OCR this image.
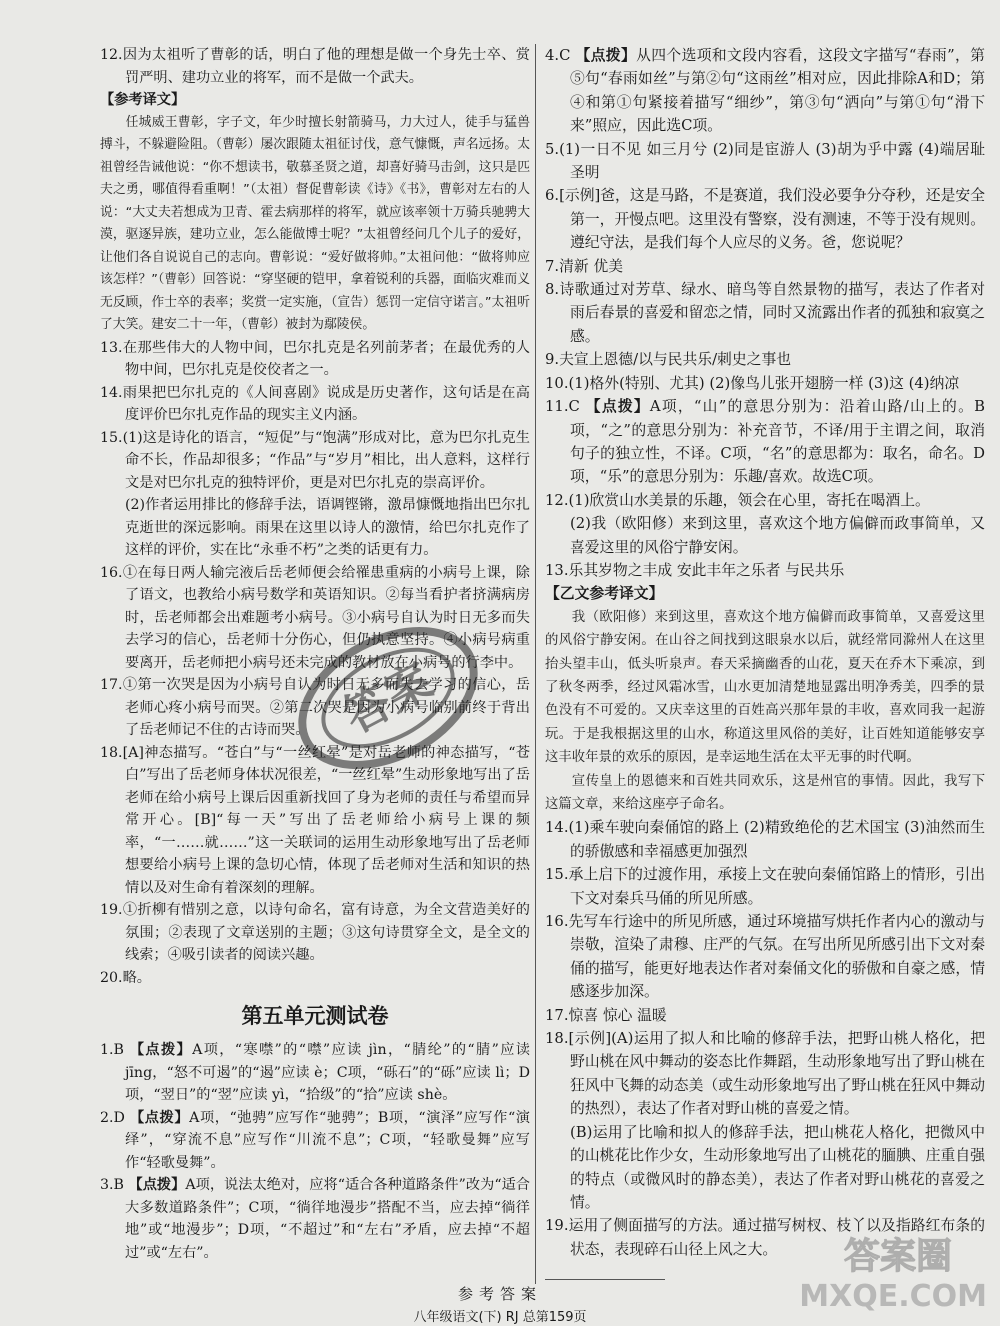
12.因为太祖听了曹彰的话，明白了他的理想是做一个身先士卒、赏罚严明、建功立业的将军，而不是做一个武夫。

【参考译文】

任城威王曹彰，字子文，年少时擅长射箭骑马，力大过人，徒手与猛兽搏斗，不躲避险阻。（曹彰）屡次跟随太祖征讨伐，意气慷慨，声名远扬。太祖曾经告诫他说：“你不想读书，敬慕圣贤之道，却喜好骑马击剑，这只是匹夫之勇，哪值得看重啊！”（太祖）督促曹彰读《诗》《书》，曹彰对左右的人说：“大丈夫若想成为卫青、霍去病那样的将军，就应该率领十万骑兵驰骋大漠，驱逐异族，建功立业，怎么能做博士呢？”太祖曾经问几个儿子的爱好，让他们各自说说自己的志向。曹彰说：“爱好做将帅。”太祖问他：“做将帅应该怎样？”（曹彰）回答说：“穿坚硬的铠甲，拿着锐利的兵器，面临灾难而义无反顾，作士卒的表率；奖赏一定实施，（宣告）惩罚一定信守诺言。”太祖听了大笑。建安二十一年，（曹彰）被封为鄢陵侯。

13.在那些伟大的人物中间，巴尔扎克是名列前茅者；在最优秀的人物中间，巴尔扎克是佼佼者之一。

14.雨果把巴尔扎克的《人间喜剧》说成是历史著作，这句话是在高度评价巴尔扎克作品的现实主义内涵。

15.(1)这是诗化的语言，“短促”与“饱满”形成对比，意为巴尔扎克生命不长，作品却很多；“作品”与“岁月”相比，出人意料，这样行文是对巴尔扎克的独特评价，更是对巴尔扎克的崇高评价。

(2)作者运用排比的修辞手法，语调铿锵，激昂慷慨地指出巴尔扎克逝世的深远影响。雨果在这里以诗人的激情，给巴尔扎克作了这样的评价，实在比“永垂不朽”之类的话更有力。

16.①在每日两人输完液后岳老师便会给罹患重病的小病号上课，除了语文，也教给小病号数学和英语知识。②每当看护者挤满病房时，岳老师都会出难题考小病号。③小病号自认为时日无多而失去学习的信心，岳老师十分伤心，但仍执意坚持。④小病号病重要离开，岳老师把小病号还未完成的教材放在小病号的行李中。

17.①第一次哭是因为小病号自认为时日无多而失去学习的信心，岳老师心疼小病号而哭。②第二次哭是因为小病号临别前终于背出了岳老师记不住的古诗而哭。

18.[A]神态描写。“苍白”与“一丝红晕”是对岳老师的神态描写，“苍白”写出了岳老师身体状况很差，“一丝红晕”生动形象地写出了岳老师在给小病号上课后因重新找回了身为老师的责任与希望而异常开心。[B]“每一天”写出了岳老师给小病号上课的频率，“一……就……”这一关联词的运用生动形象地写出了岳老师想要给小病号上课的急切心情，体现了岳老师对生活和知识的热情以及对生命有着深刻的理解。

19.①折柳有惜别之意，以诗句命名，富有诗意，为全文营造美好的氛围；②表现了文章送别的主题；③这句诗贯穿全文，是全文的线索；④吸引读者的阅读兴趣。

20.略。

第五单元测试卷

1.B 【点拨】A项，“寒噤”的“噤”应读 jìn，“腈纶”的“腈”应读 jīng，“怒不可遏”的“遏”应读 è；C项，“砾石”的“砾”应读 lì；D项，“翌日”的“翌”应读 yì，“拾级”的“拾”应读 shè。

2.D 【点拨】A项，“弛骋”应写作“驰骋”；B项，“演泽”应写作“演绎”，“穿流不息”应写作“川流不息”；C项，“轻歌曼舞”应写作“轻歌曼舞”。

3.B 【点拨】A项，说法太绝对，应将“适合各种道路条件”改为“适合大多数道路条件”；C项，“徜徉地漫步”搭配不当，应去掉“徜徉地”或“地漫步”；D项，“不超过”和“左右”矛盾，应去掉“不超过”或“左右”。

4.C 【点拨】从四个选项和文段内容看，这段文字描写“春雨”，第⑤句“春雨如丝”与第②句“这雨丝”相对应，因此排除A和D；第④和第①句紧接着描写“细纱”，第③句“洒向”与第①句“滑下来”照应，因此选C项。

5.(1)一日不见 如三月兮 (2)同是宦游人 (3)胡为乎中露 (4)端居耻圣明

6.[示例]爸，这是马路，不是赛道，我们没必要争分夺秒，还是安全第一，开慢点吧。这里没有警察，没有测速，不等于没有规则。遵纪守法，是我们每个人应尽的义务。爸，您说呢？

7.清新 优美

8.诗歌通过对芳草、绿水、暗鸟等自然景物的描写，表达了作者对雨后春景的喜爱和留恋之情，同时又流露出作者的孤独和寂寞之感。

9.夫宣上恩德/以与民共乐/刺史之事也

10.(1)格外(特别、尤其) (2)像鸟儿张开翅膀一样 (3)这 (4)纳凉

11.C 【点拨】A项，“山”的意思分别为：沿着山路/山上的。B项，“之”的意思分别为：补充音节，不译/用于主谓之间，取消句子的独立性，不译。C项，“名”的意思都为：取名，命名。D项，“乐”的意思分别为：乐趣/喜欢。故选C项。

12.(1)欣赏山水美景的乐趣，领会在心里，寄托在喝酒上。

(2)我（欧阳修）来到这里，喜欢这个地方偏僻而政事简单，又喜爱这里的风俗宁静安闲。

13.乐其岁物之丰成 安此丰年之乐者 与民共乐

【乙文参考译文】

我（欧阳修）来到这里，喜欢这个地方偏僻而政事简单，又喜爱这里的风俗宁静安闲。在山谷之间找到这眼泉水以后，就经常同滁州人在这里抬头望丰山，低头听泉声。春天采摘幽香的山花，夏天在乔木下乘凉，到了秋冬两季，经过风霜冰雪，山水更加清楚地显露出明净秀美，四季的景色没有不可爱的。又庆幸这里的百姓高兴那年景的丰收，喜欢同我一起游玩。于是我根据这里的山水，称道这里风俗的美好，让百姓知道能够安享这丰收年景的欢乐的原因，是幸运地生活在太平无事的时代啊。

宣传皇上的恩德来和百姓共同欢乐，这是州官的事情。因此，我写下这篇文章，来给这座亭子命名。

14.(1)乘车驶向秦俑馆的路上 (2)精致绝伦的艺术国宝 (3)油然而生的骄傲感和幸福感更加强烈

15.承上启下的过渡作用，承接上文在驶向秦俑馆路上的情形，引出下文对秦兵马俑的所见所感。

16.先写车行途中的所见所感，通过环境描写烘托作者内心的激动与崇敬，渲染了肃穆、庄严的气氛。在写出所见所感引出下文对秦俑的描写，能更好地表达作者对秦俑文化的骄傲和自豪之感，情感逐步加深。

17.惊喜 惊心 温暖

18.[示例](A)运用了拟人和比喻的修辞手法，把野山桃人格化，把野山桃在风中舞动的姿态比作舞蹈，生动形象地写出了野山桃在狂风中飞舞的动态美（或生动形象地写出了野山桃在狂风中舞动的热烈），表达了作者对野山桃的喜爱之情。

(B)运用了比喻和拟人的修辞手法，把山桃花人格化，把微风中的山桃花比作少女，生动形象地写出了山桃花的腼腆、庄重自强的特点（或微风时的静态美），表达了作者对野山桃花的喜爱之情。

19.运用了侧面描写的方法。通过描写树杈、枝丫以及指路红布条的状态，表现碎石山径上风之大。

答案
答案圈
MXQE.COM
参考答案
八年级语文(下) RJ 总第159页
